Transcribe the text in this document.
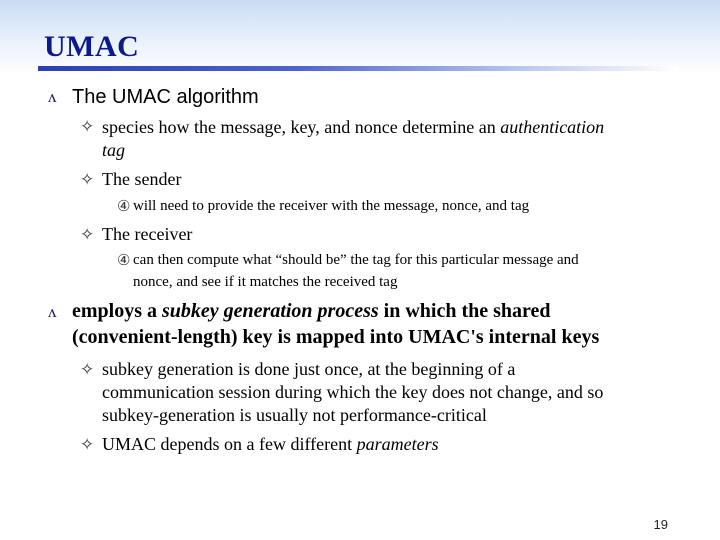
UMAC
ʌ The UMAC algorithm
✧ species how the message, key, and nonce determine an authentication
tag
✧ The sender
④ will need to provide the receiver with the message, nonce, and tag
✧ The receiver
④ can then compute what “should be” the tag for this particular message and
nonce, and see if it matches the received tag
ʌ employs a subkey generation process in which the shared
(convenient-length) key is mapped into UMAC's internal keys
✧ subkey generation is done just once, at the beginning of a
communication session during which the key does not change, and so
subkey-generation is usually not performance-critical
✧ UMAC depends on a few different parameters
19
